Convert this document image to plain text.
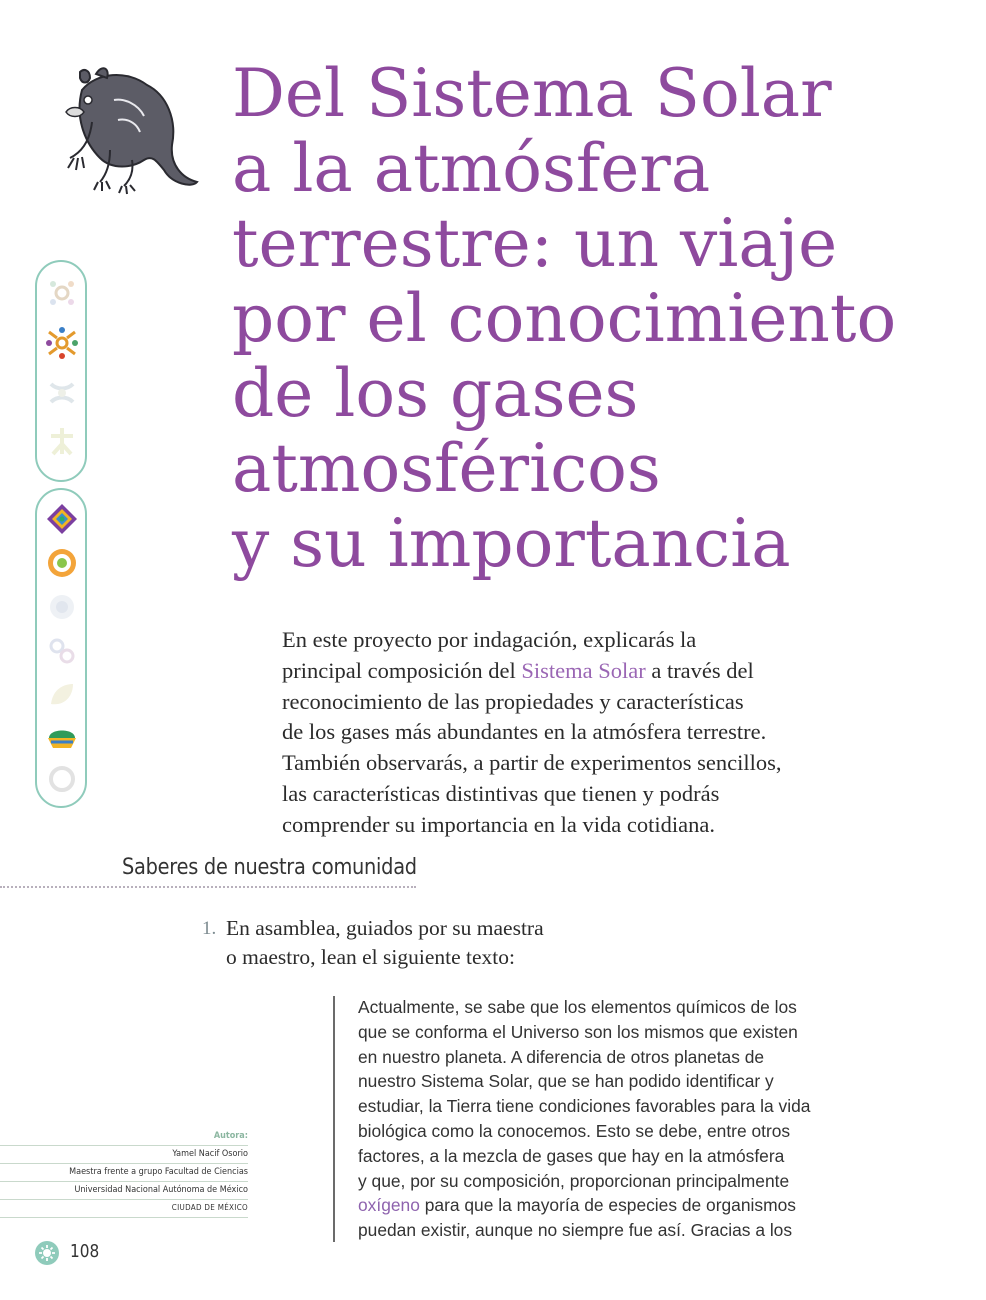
Del Sistema Solar
a la atmósfera
terrestre: un viaje
por el conocimiento
de los gases
atmosféricos
y su importancia

En este proyecto por indagación, explicarás la
principal composición del Sistema Solar a través del
reconocimiento de las propiedades y características
de los gases más abundantes en la atmósfera terrestre.
También observarás, a partir de experimentos sencillos,
las características distintivas que tienen y podrás
comprender su importancia en la vida cotidiana.

Saberes de nuestra comunidad
1. En asamblea, guiados por su maestra
o maestro, lean el siguiente texto:

Actualmente, se sabe que los elementos químicos de los
que se conforma el Universo son los mismos que existen
en nuestro planeta. A diferencia de otros planetas de
nuestro Sistema Solar, que se han podido identificar y
estudiar, la Tierra tiene condiciones favorables para la vida
biológica como la conocemos. Esto se debe, entre otros
factores, a la mezcla de gases que hay en la atmósfera
y que, por su composición, proporcionan principalmente
oxígeno para que la mayoría de especies de organismos
puedan existir, aunque no siempre fue así. Gracias a los

Autora:
Yamel Nacif Osorio
Maestra frente a grupo Facultad de Ciencias
Universidad Nacional Autónoma de México
CIUDAD DE MÉXICO
108
